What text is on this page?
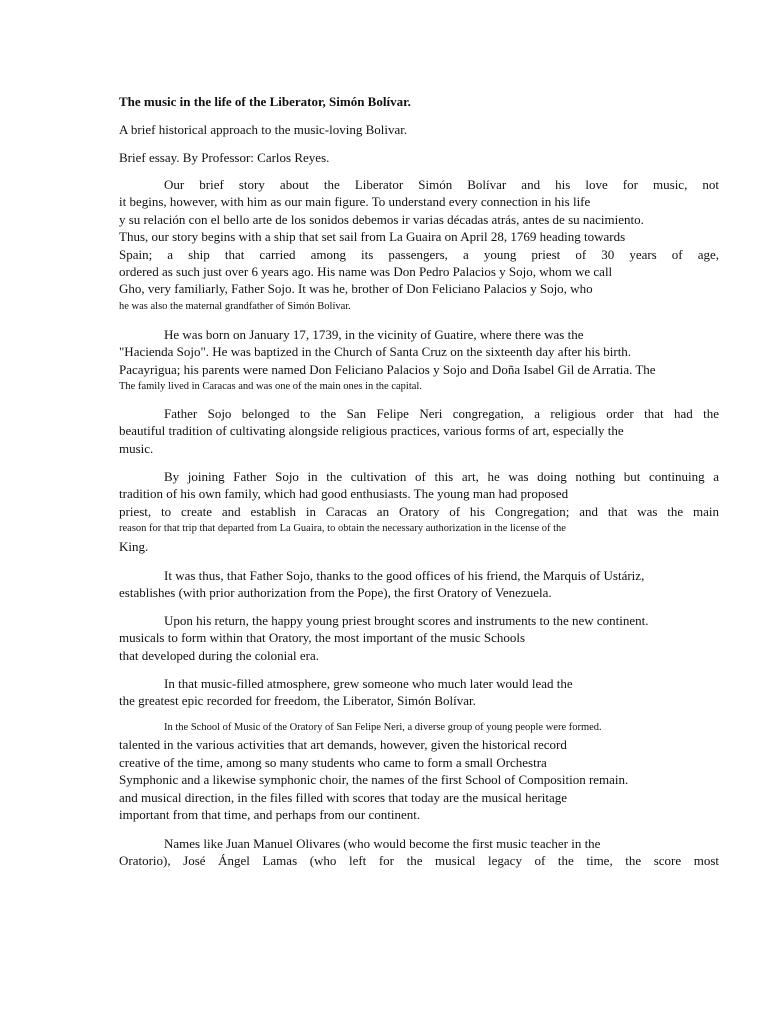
The music in the life of the Liberator, Simón Bolívar.
A brief historical approach to the music-loving Bolivar.
Brief essay. By Professor: Carlos Reyes.
Our brief story about the Liberator Simón Bolívar and his love for music, not
it begins, however, with him as our main figure. To understand every connection in his life
y su relación con el bello arte de los sonidos debemos ir varias décadas atrás, antes de su nacimiento.
Thus, our story begins with a ship that set sail from La Guaira on April 28, 1769 heading towards
Spain; a ship that carried among its passengers, a young priest of 30 years of age,
ordered as such just over 6 years ago. His name was Don Pedro Palacios y Sojo, whom we call
Gho, very familiarly, Father Sojo. It was he, brother of Don Feliciano Palacios y Sojo, who
he was also the maternal grandfather of Simón Bolívar.
He was born on January 17, 1739, in the vicinity of Guatire, where there was the
"Hacienda Sojo". He was baptized in the Church of Santa Cruz on the sixteenth day after his birth.
Pacayrigua; his parents were named Don Feliciano Palacios y Sojo and Doña Isabel Gil de Arratia. The
The family lived in Caracas and was one of the main ones in the capital.
Father Sojo belonged to the San Felipe Neri congregation, a religious order that had the
beautiful tradition of cultivating alongside religious practices, various forms of art, especially the
music.
By joining Father Sojo in the cultivation of this art, he was doing nothing but continuing a
tradition of his own family, which had good enthusiasts. The young man had proposed
priest, to create and establish in Caracas an Oratory of his Congregation; and that was the main
reason for that trip that departed from La Guaira, to obtain the necessary authorization in the license of the
King.
It was thus, that Father Sojo, thanks to the good offices of his friend, the Marquis of Ustáriz,
establishes (with prior authorization from the Pope), the first Oratory of Venezuela.
Upon his return, the happy young priest brought scores and instruments to the new continent.
musicals to form within that Oratory, the most important of the music Schools
that developed during the colonial era.
In that music-filled atmosphere, grew someone who much later would lead the
the greatest epic recorded for freedom, the Liberator, Simón Bolívar.
In the School of Music of the Oratory of San Felipe Neri, a diverse group of young people were formed.
talented in the various activities that art demands, however, given the historical record
creative of the time, among so many students who came to form a small Orchestra
Symphonic and a likewise symphonic choir, the names of the first School of Composition remain.
and musical direction, in the files filled with scores that today are the musical heritage
important from that time, and perhaps from our continent.
Names like Juan Manuel Olivares (who would become the first music teacher in the
Oratorio), José Ángel Lamas (who left for the musical legacy of the time, the score most
